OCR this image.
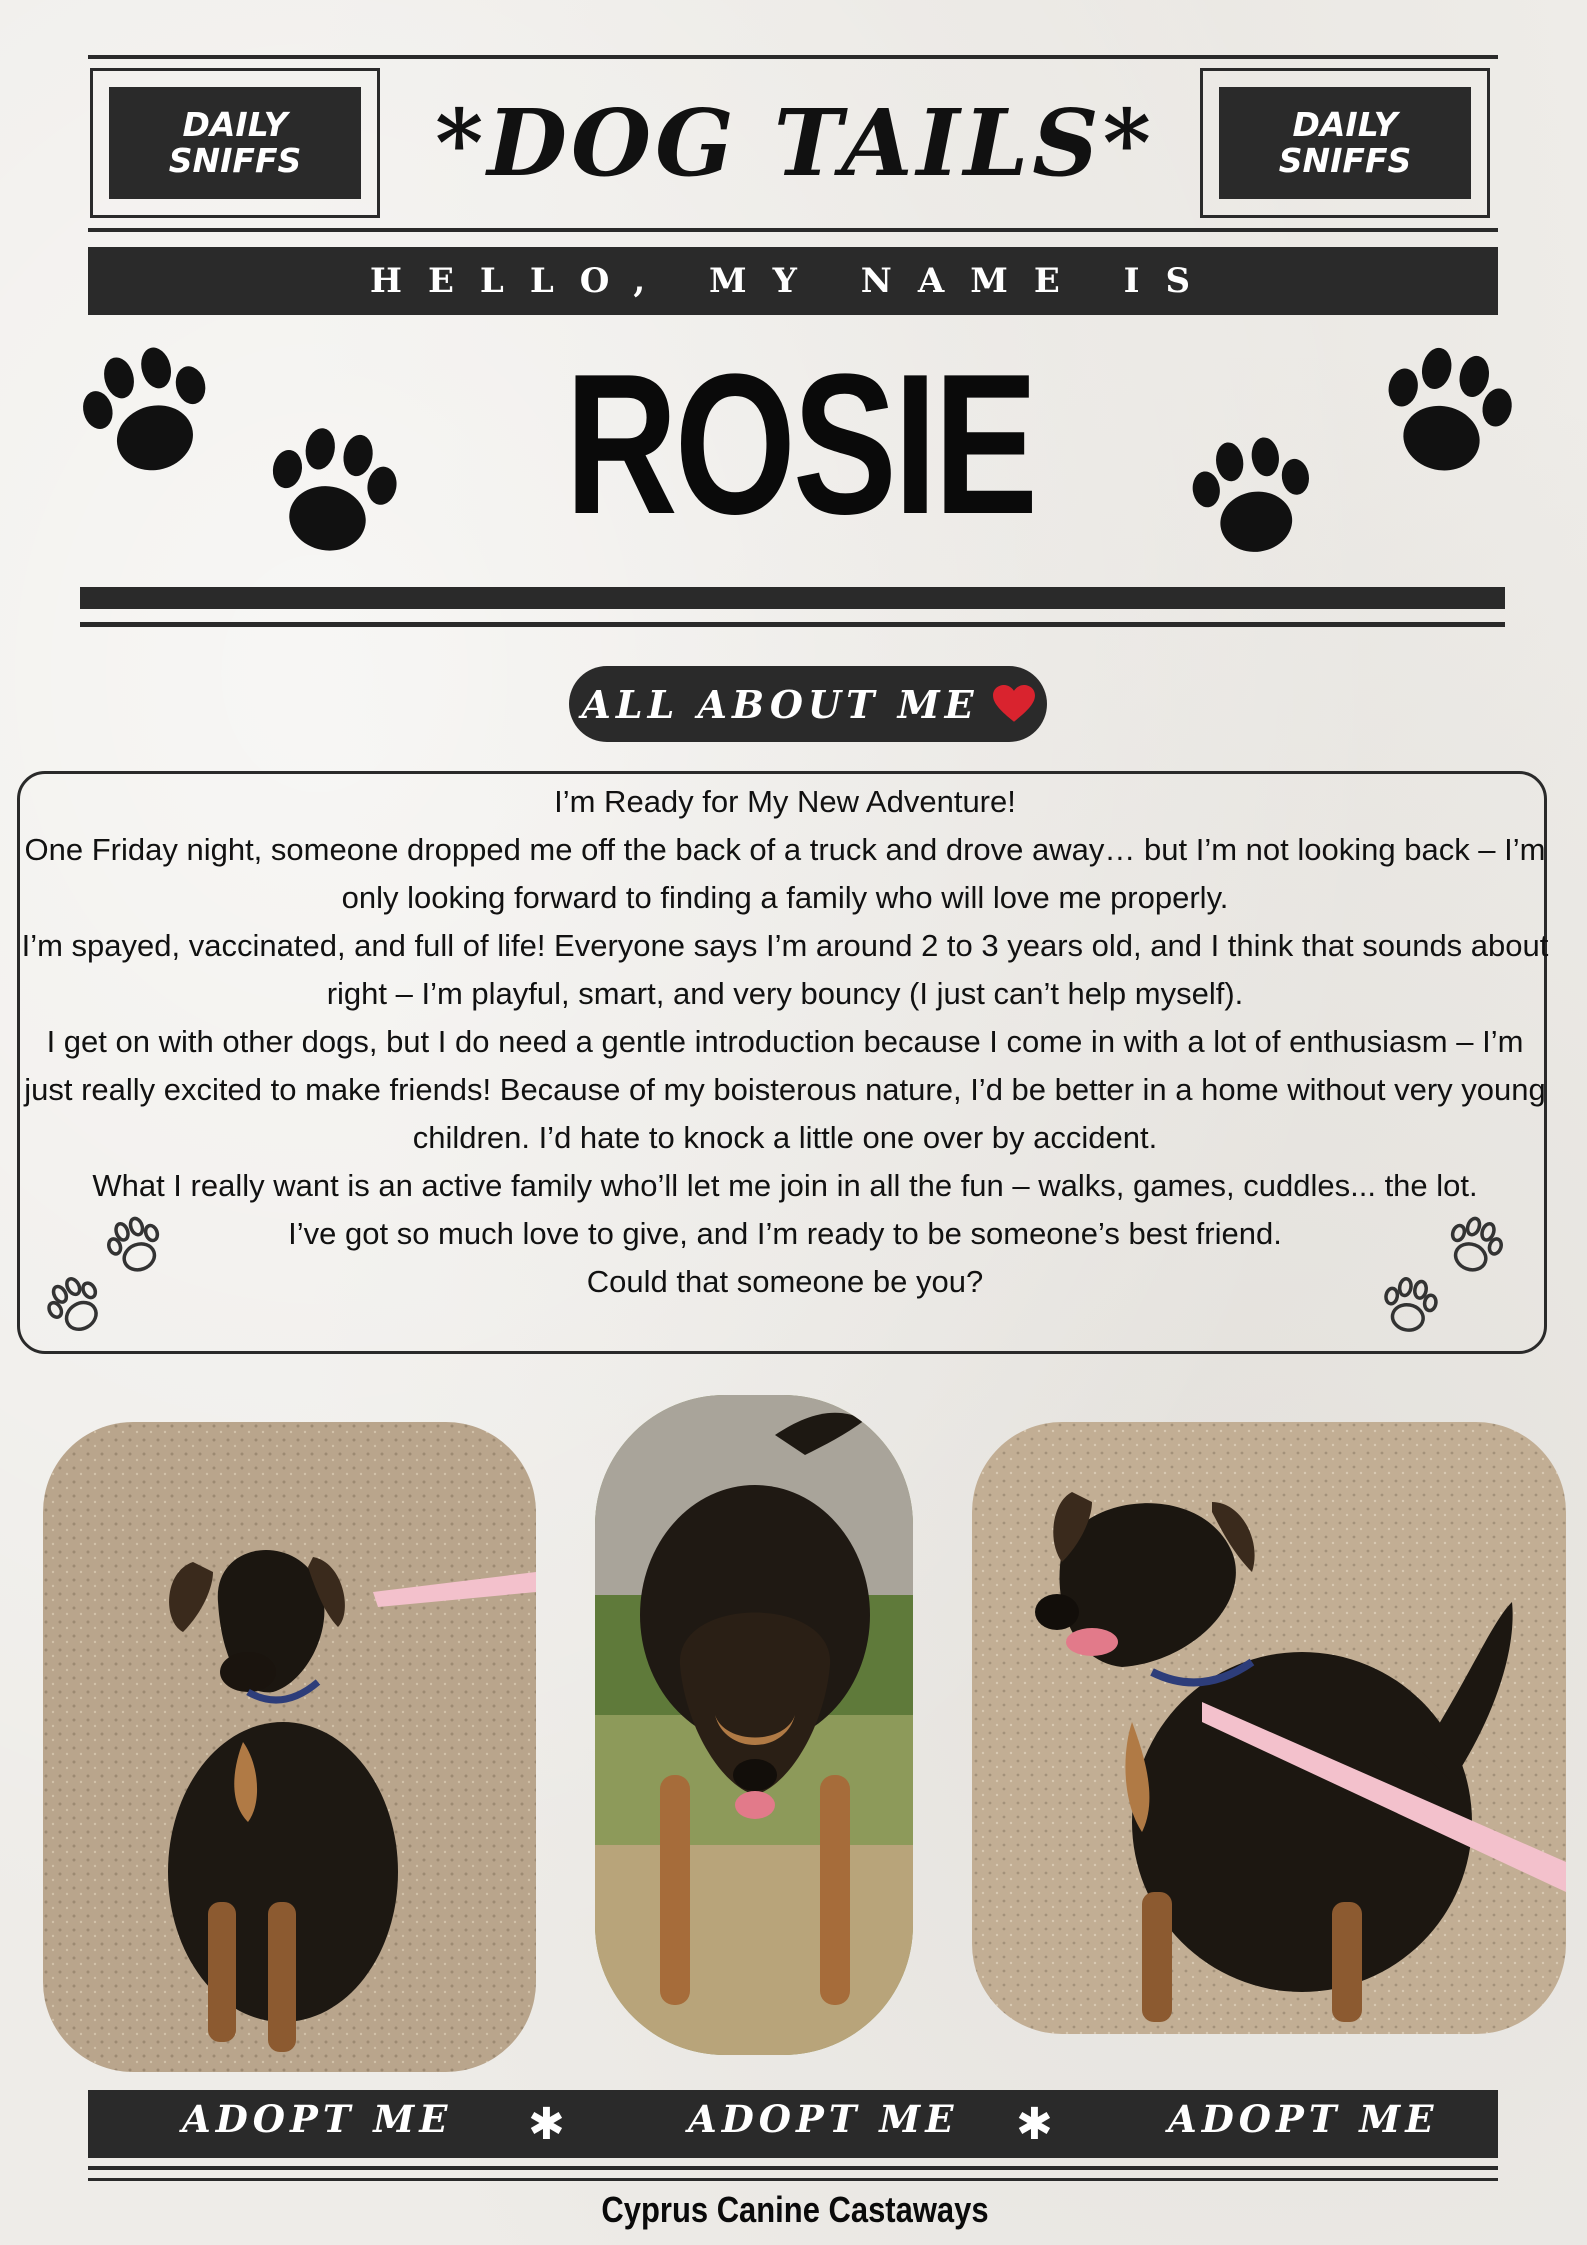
DAILY
SNIFFS
DAILY
SNIFFS
*DOG TAILS*
HELLO, MY NAME IS
ROSIE
ALL ABOUT ME

I’m Ready for My New Adventure!

One Friday night, someone dropped me off the back of a truck and drove away… but I’m not looking back – I’m only looking forward to finding a family who will love me properly.

I’m spayed, vaccinated, and full of life! Everyone says I’m around 2 to 3 years old, and I think that sounds about right – I’m playful, smart, and very bouncy (I just can’t help myself).

I get on with other dogs, but I do need a gentle introduction because I come in with a lot of enthusiasm – I’m just really excited to make friends! Because of my boisterous nature, I’d be better in a home without very young children. I’d hate to knock a little one over by accident.

What I really want is an active family who’ll let me join in all the fun – walks, games, cuddles... the lot. I’ve got so much love to give, and I’m ready to be someone’s best friend.

Could that someone be you?

ADOPT ME ✱	ADOPT ME ✱	ADOPT ME
Cyprus Canine Castaways
